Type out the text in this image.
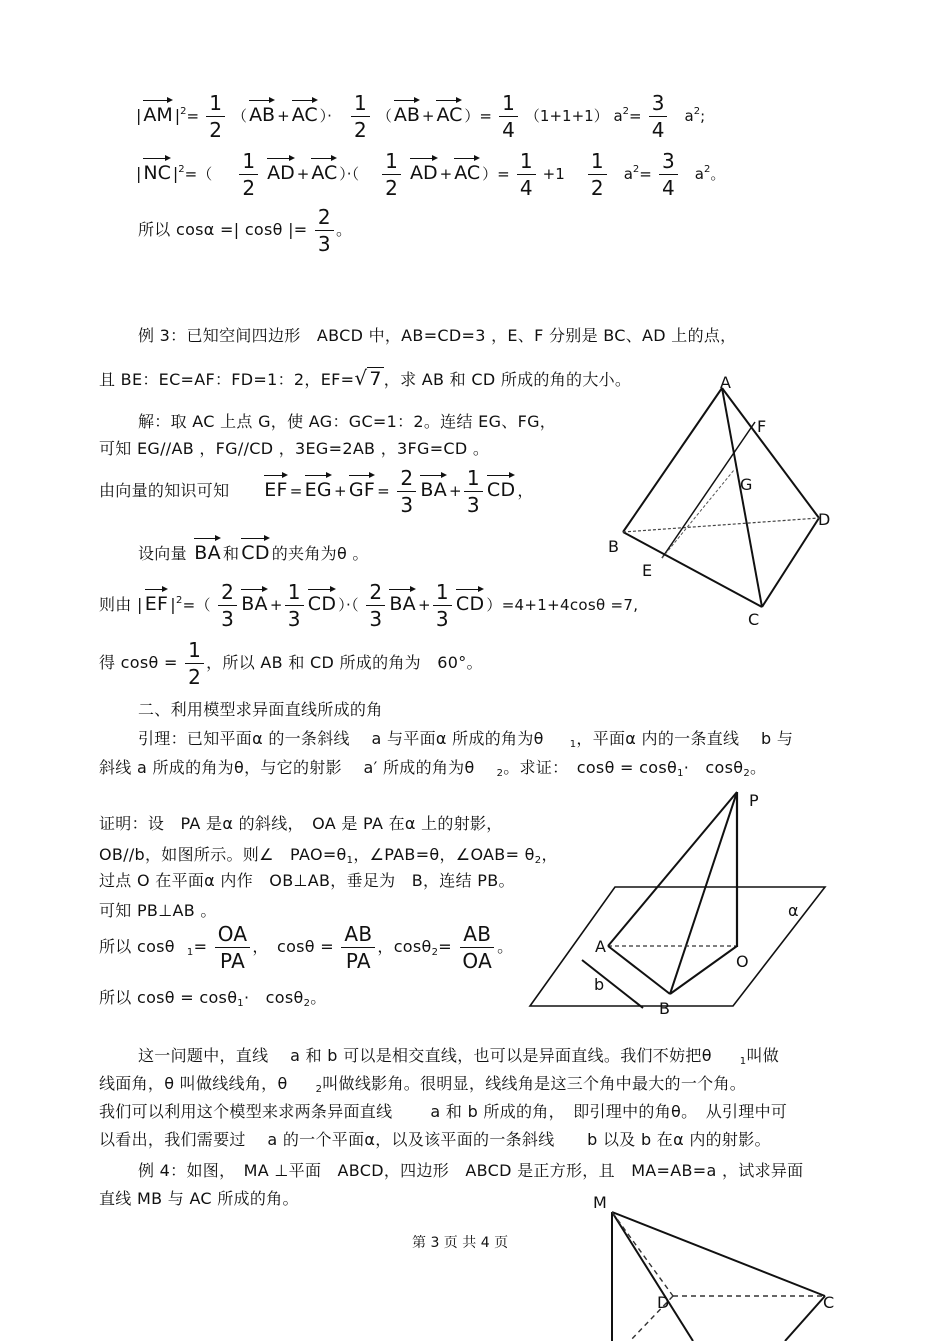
| AM $|^2= \frac{1}{2}$ （ AB + AC ）· $\frac{1}{2}$ （ AB + AC ）= $\frac{1}{4} (1+1+1)$ $a^2= \frac{3}{4} a^2$;
| NC $|^2=( \frac{1}{2}$ AD + AC ）·（ $\frac{1}{2}$ AD + AC ）= $\frac{1}{4} +1 \frac{1}{2} a^2= \frac{3}{4} a^2$。
所以 cosα =| cosθ |= $\frac{2}{3}$ 。
例 3：已知空间四边形　ABCD 中，AB=CD=3 ，E、F 分别是 BC、AD 上的点，
且 BE：EC=AF：FD=1：2，EF=√ 7 ，求 AB 和 CD 所成的角的大小。
解：取 AC 上点 G，使 AG：GC=1：2。连结 EG、FG，
可知 EG//AB ，FG//CD ，3EG=2AB ，3FG=CD 。
由向量的知识可知 EF = EG + GF = $\frac{2}{3}$ BA + $\frac{1}{3}$ CD ，
设向量 BA 和 CD 的夹角为θ 。
则由 | EF $|^2=( \frac{2}{3}$ BA + $\frac{1}{3}$ CD ）·（ $\frac{2}{3}$ BA + $\frac{1}{3}$ CD ）=4+1+4cosθ =7,
得 $\cos\theta = \frac{1}{2}$ ，所以 AB 和 CD 所成的角为　60°。
A
F
G
D
B
E
C
二、利用模型求异面直线所成的角
引理：已知平面α 的一条斜线　 a 与平面α 所成的角为θ	$_1$，平面α 内的一条直线　 b 与
斜线 a 所成的角为θ，与它的射影　 a′ 所成的角为θ $_2$。求证：　cosθ = cosθ$_1$·　cosθ$_2$。
证明：设　PA 是α 的斜线，　OA 是 PA 在α 上的射影，
OB//b，如图所示。则∠　$PAO=\theta_1$，∠PAB=θ，∠OAB= $\theta_2$，
过点 O 在平面α 内作　OB⊥AB，垂足为　B，连结 PB。
可知 PB⊥AB 。
所以 cosθ $_1= \frac{OA}{PA}$ ，　$\cos\theta = \frac{AB}{PA}$ ，$\cos\theta_2= \frac{AB}{OA}$ 。
所以 cosθ = cosθ$_1$·　cosθ$_2$。
P
α
A
O
b
B
这一问题中，直线　 a 和 b 可以是相交直线，也可以是异面直线。我们不妨把θ	$_1$叫做
线面角，θ 叫做线线角，θ	$_2$叫做线影角。很明显，线线角是这三个角中最大的一个角。
我们可以利用这个模型来求两条异面直线　　 a 和 b 所成的角，　即引理中的角θ。　从引理中可
以看出，我们需要过　 a 的一个平面α，以及该平面的一条斜线　　b 以及 b 在α 内的射影。
例 4：如图，　MA ⊥平面　ABCD，四边形　ABCD 是正方形，且　MA=AB=a ，试求异面
直线 MB 与 AC 所成的角。
第 3 页 共 4 页
M
D	C
